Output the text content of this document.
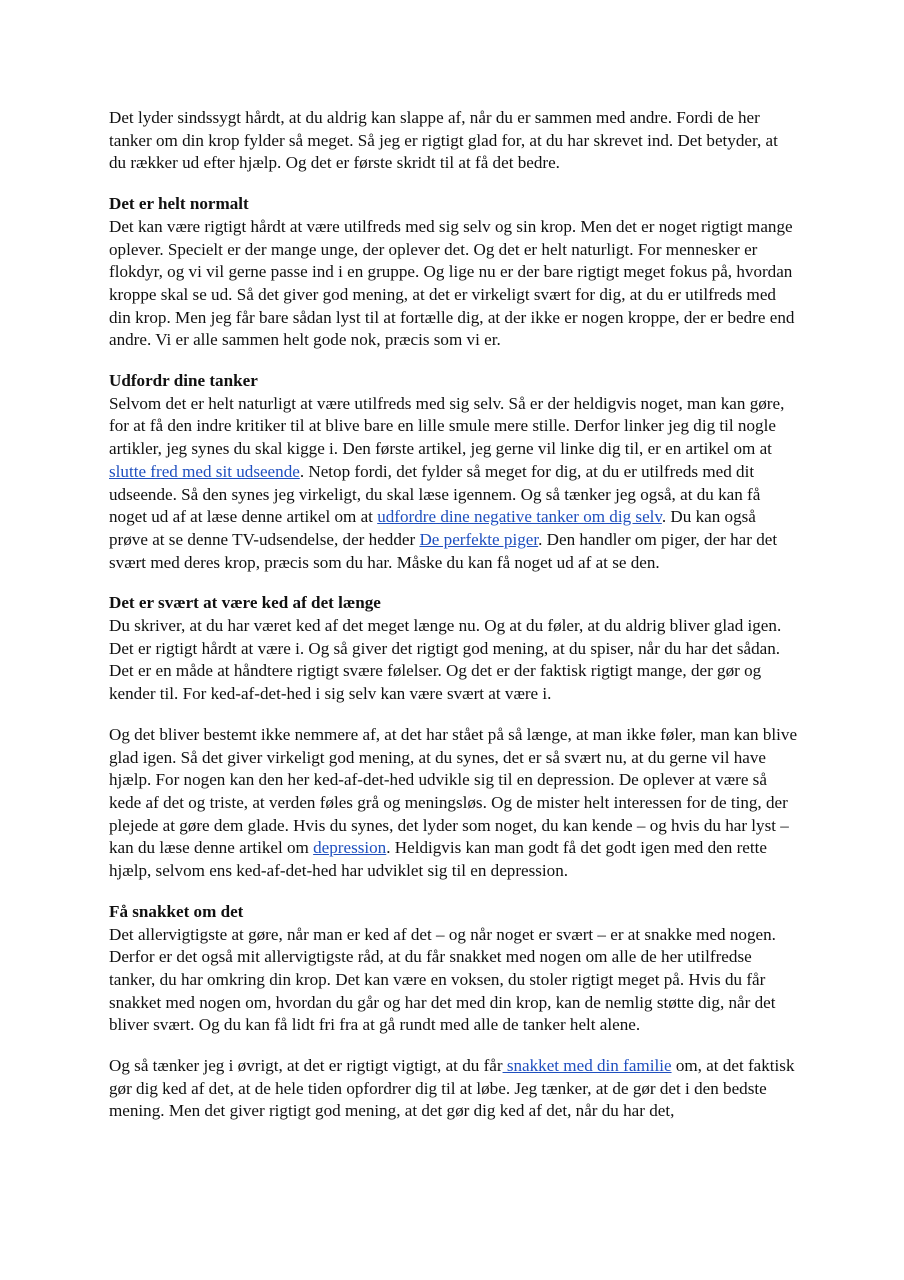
Det lyder sindssygt hårdt, at du aldrig kan slappe af, når du er sammen med andre. Fordi de her tanker om din krop fylder så meget. Så jeg er rigtigt glad for, at du har skrevet ind. Det betyder, at du rækker ud efter hjælp. Og det er første skridt til at få det bedre.

Det er helt normalt

Det kan være rigtigt hårdt at være utilfreds med sig selv og sin krop. Men det er noget rigtigt mange oplever. Specielt er der mange unge, der oplever det. Og det er helt naturligt. For mennesker er flokdyr, og vi vil gerne passe ind i en gruppe. Og lige nu er der bare rigtigt meget fokus på, hvordan kroppe skal se ud. Så det giver god mening, at det er virkeligt svært for dig, at du er utilfreds med din krop. Men jeg får bare sådan lyst til at fortælle dig, at der ikke er nogen kroppe, der er bedre end andre. Vi er alle sammen helt gode nok, præcis som vi er.

Udfordr dine tanker

Selvom det er helt naturligt at være utilfreds med sig selv. Så er der heldigvis noget, man kan gøre, for at få den indre kritiker til at blive bare en lille smule mere stille. Derfor linker jeg dig til nogle artikler, jeg synes du skal kigge i. Den første artikel, jeg gerne vil linke dig til, er en artikel om at slutte fred med sit udseende. Netop fordi, det fylder så meget for dig, at du er utilfreds med dit udseende. Så den synes jeg virkeligt, du skal læse igennem. Og så tænker jeg også, at du kan få noget ud af at læse denne artikel om at udfordre dine negative tanker om dig selv. Du kan også prøve at se denne TV-udsendelse, der hedder De perfekte piger. Den handler om piger, der har det svært med deres krop, præcis som du har. Måske du kan få noget ud af at se den.

Det er svært at være ked af det længe

Du skriver, at du har været ked af det meget længe nu. Og at du føler, at du aldrig bliver glad igen. Det er rigtigt hårdt at være i. Og så giver det rigtigt god mening, at du spiser, når du har det sådan. Det er en måde at håndtere rigtigt svære følelser. Og det er der faktisk rigtigt mange, der gør og kender til. For ked-af-det-hed i sig selv kan være svært at være i.

Og det bliver bestemt ikke nemmere af, at det har stået på så længe, at man ikke føler, man kan blive glad igen. Så det giver virkeligt god mening, at du synes, det er så svært nu, at du gerne vil have hjælp. For nogen kan den her ked-af-det-hed udvikle sig til en depression. De oplever at være så kede af det og triste, at verden føles grå og meningsløs. Og de mister helt interessen for de ting, der plejede at gøre dem glade. Hvis du synes, det lyder som noget, du kan kende – og hvis du har lyst – kan du læse denne artikel om depression. Heldigvis kan man godt få det godt igen med den rette hjælp, selvom ens ked-af-det-hed har udviklet sig til en depression.

Få snakket om det

Det allervigtigste at gøre, når man er ked af det – og når noget er svært – er at snakke med nogen. Derfor er det også mit allervigtigste råd, at du får snakket med nogen om alle de her utilfredse tanker, du har omkring din krop. Det kan være en voksen, du stoler rigtigt meget på. Hvis du får snakket med nogen om, hvordan du går og har det med din krop, kan de nemlig støtte dig, når det bliver svært. Og du kan få lidt fri fra at gå rundt med alle de tanker helt alene.

Og så tænker jeg i øvrigt, at det er rigtigt vigtigt, at du får snakket med din familie om, at det faktisk gør dig ked af det, at de hele tiden opfordrer dig til at løbe. Jeg tænker, at de gør det i den bedste mening. Men det giver rigtigt god mening, at det gør dig ked af det, når du har det,
